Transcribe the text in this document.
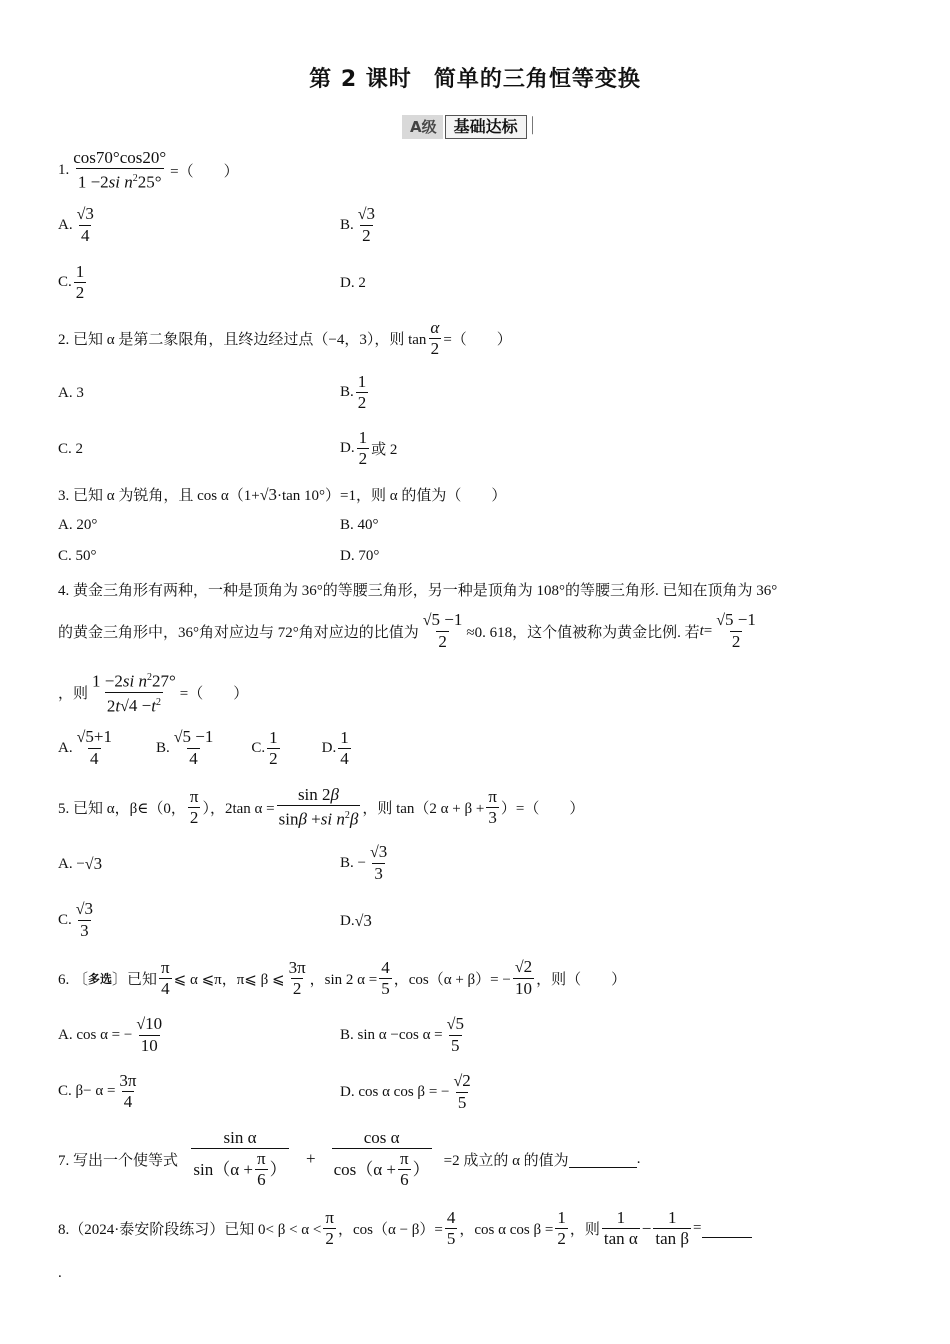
第 2 课时 简单的三角恒等变换
A级	基础达标
1. $\frac{\cos 70^\circ\cos 20^\circ}{1 -2si n^225^\circ}$ =（　　）
A. √ $\frac{3}{4}$	B. √ $\frac{3}{2}$
C. $\frac{1}{2}$	D. 2
2. 已知 α 是第二象限角，且终边经过点（−4，3），则 $\tan \frac{\alpha}{2}$ =（　　）
A. 3	B. $\frac{1}{2}$
C. 2	D. $\frac{1}{2}$ 或 2
3. 已知 α 为锐角，且 cos α（1+ √ 3 ·tan 10°）=1，则 α 的值为（　　）
A. 20°	B. 40°
C. 50°	D. 70°
4. 黄金三角形有两种，一种是顶角为 36°的等腰三角形，另一种是顶角为 108°的等腰三角形. 已知在顶角为 36°
的黄金三角形中，36°角对应边与 72°角对应边的比值为 √ $\frac{5 -1}{2} \approx 0$. 618，这个值被称为黄金比例. 若 t = √ $\frac{5 -1}{2}$
，则 $\frac{1 -2si n^227^\circ}{2t √ 4 -t^2}$ =（　　）
A. √ $\frac{5+1}{4}$	B. √ $\frac{5 -1}{4} C$. $\frac{1}{2}$	D. $\frac{1}{4}$
5. 已知 α，β∈（0， $\frac{\pi}{2}$ ），2tan $\alpha = \frac{\sin 2\beta}{\sin\beta +si n^2\beta}$ ，则 tan（2 $\alpha + \beta + \frac{\pi}{3}$ ）=（　　）
A. − √ 3	B. − √ $\frac{3}{3}$
C. √ $\frac{3}{3}$	D. √ 3
6. 〔 多选 〕已知 $\frac{\pi}{4}$ ⩽ α ⩽π，π⩽ β ⩽ $\frac{3\pi}{2}$ ，sin 2 $\alpha = \frac{4}{5}$ ，cos（α + β）= − √ $\frac{2}{10}$ ，则（　　）
A. cos α = − √ $\frac{10}{10}$	B. sin α −cos α = √ $\frac{5}{5}$
C. $\beta- \alpha = \frac{3\pi}{4}$	D. cos α cos β = − √ $\frac{2}{5}$
7. 写出一个使等式 $\frac{\text{sin α}}{\sin(\alpha + \frac{\pi}{6} )} + \frac{\text{cos α}}{\cos(\alpha + \frac{\pi}{6} )} =2$ 成立的 α 的值为	.
8.（2024·泰安阶段练习）已知 $0< \beta < \alpha < \frac{\pi}{2}$ ，$\cos(\alpha - \beta)= \frac{4}{5}$ ，cos α $\cos \beta = \frac{1}{2}$ ，则 $\frac{1}{\text{tan α}} - \frac{1}{\text{tan β}}$ =
.
